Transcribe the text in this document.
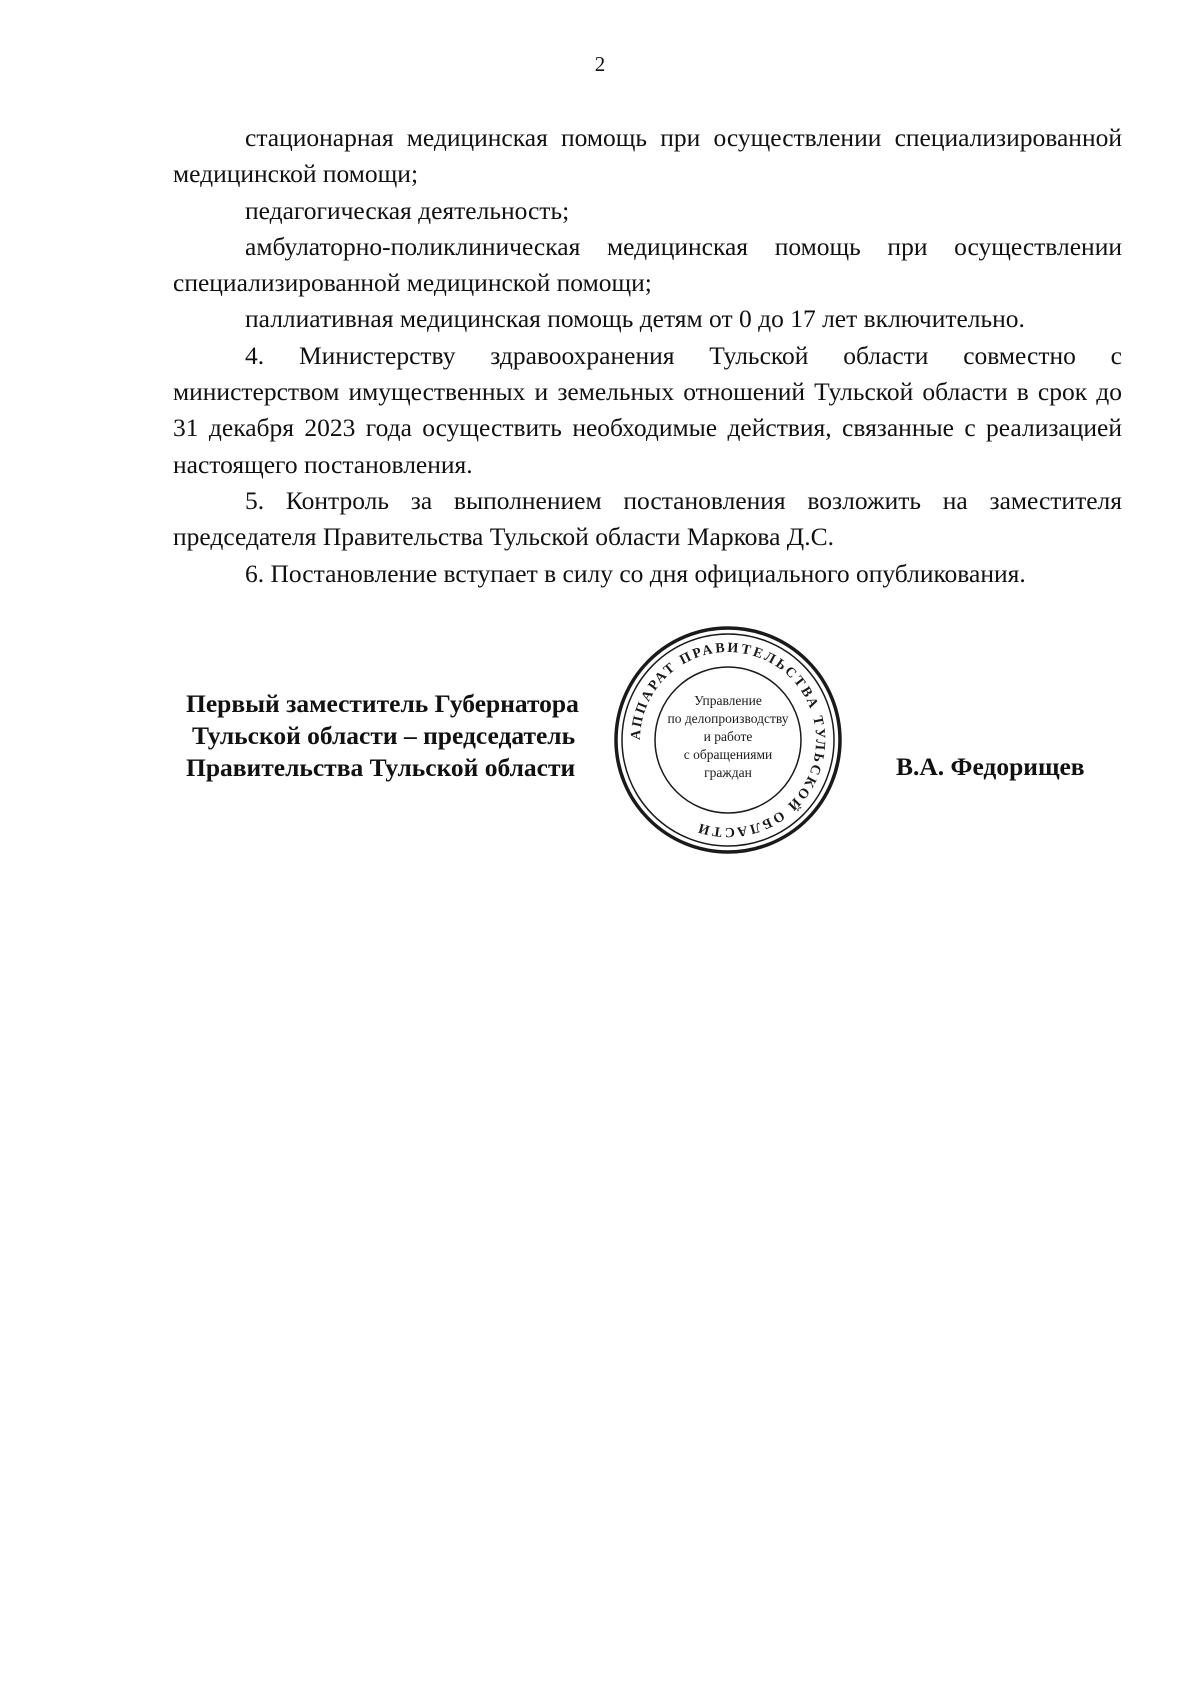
2

стационарная медицинская помощь при осуществлении специализированной медицинской помощи;

педагогическая деятельность;

амбулаторно-поликлиническая медицинская помощь при осуществлении специализированной медицинской помощи;

паллиативная медицинская помощь детям от 0 до 17 лет включительно.

4. Министерству здравоохранения Тульской области совместно с министерством имущественных и земельных отношений Тульской области в срок до 31 декабря 2023 года осуществить необходимые действия, связанные с реализацией настоящего постановления.

5. Контроль за выполнением постановления возложить на заместителя председателя Правительства Тульской области Маркова Д.С.

6. Постановление вступает в силу со дня официального опубликования.

Первый заместитель Губернатора
Тульской области – председатель
Правительства Тульской области	В.А. Федорищев
АППАРАТ ПРАВИТЕЛЬСТВА ТУЛЬСКОЙ ОБЛАСТИ
Управление
по делопроизводству
и работе
с обращениями
граждан
